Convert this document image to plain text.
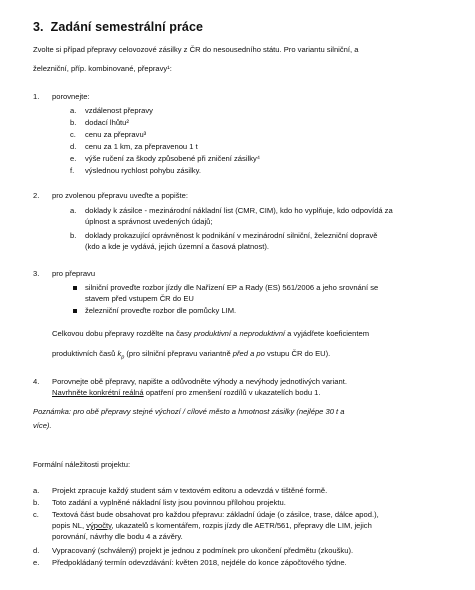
3. Zadání semestrální práce
Zvolte si případ přepravy celovozové zásilky z ČR do nesousedního státu. Pro variantu silniční, a
železniční, příp. kombinované, přepravy¹:
1. porovnejte:
a. vzdálenost přepravy
b. dodací lhůtu²
c. cenu za přepravu³
d. cenu za 1 km, za přepravenou 1 t
e. výše ručení za škody způsobené při zničení zásilky⁴
f. výslednou rychlost pohybu zásilky.
2. pro zvolenou přepravu uveďte a popište:
a. doklady k zásilce - mezinárodní nákladní list (CMR, CIM), kdo ho vyplňuje, kdo odpovídá za
úplnost a správnost uvedených údajů;
b. doklady prokazující oprávněnost k podnikání v mezinárodní silniční, železniční dopravě
(kdo a kde je vydává, jejich územní a časová platnost).
3. pro přepravu
silniční proveďte rozbor jízdy dle Nařízení EP a Rady (ES) 561/2006 a jeho srovnání se
stavem před vstupem ČR do EU
železniční proveďte rozbor dle pomůcky LIM.
Celkovou dobu přepravy rozdělte na časy produktivní a neproduktivní a vyjádřete koeficientem
produktivních časů $k_p$ (pro silniční přepravu variantně před a po vstupu ČR do EU).
4. Porovnejte obě přepravy, napište a odůvodněte výhody a nevýhody jednotlivých variant.
Navrhněte konkrétní reálná opatření pro zmenšení rozdílů v ukazatelích bodu 1.
Poznámka: pro obě přepravy stejné výchozí / cílové město a hmotnost zásilky (nejlépe 30 t a
více).
Formální náležitosti projektu:
a. Projekt zpracuje každý student sám v textovém editoru a odevzdá v tištěné formě.
b. Toto zadání a vyplněné nákladní listy jsou povinnou přílohou projektu.
c. Textová část bude obsahovat pro každou přepravu: základní údaje (o zásilce, trase, dálce apod.),
popis NL, výpočty, ukazatelů s komentářem, rozpis jízdy dle AETR/561, přepravy dle LIM, jejich
porovnání, návrhy dle bodu 4 a závěry.
d. Vypracovaný (schválený) projekt je jednou z podmínek pro ukončení předmětu (zkoušku).
e. Předpokládaný termín odevzdávání: květen 2018, nejdéle do konce zápočtového týdne.
